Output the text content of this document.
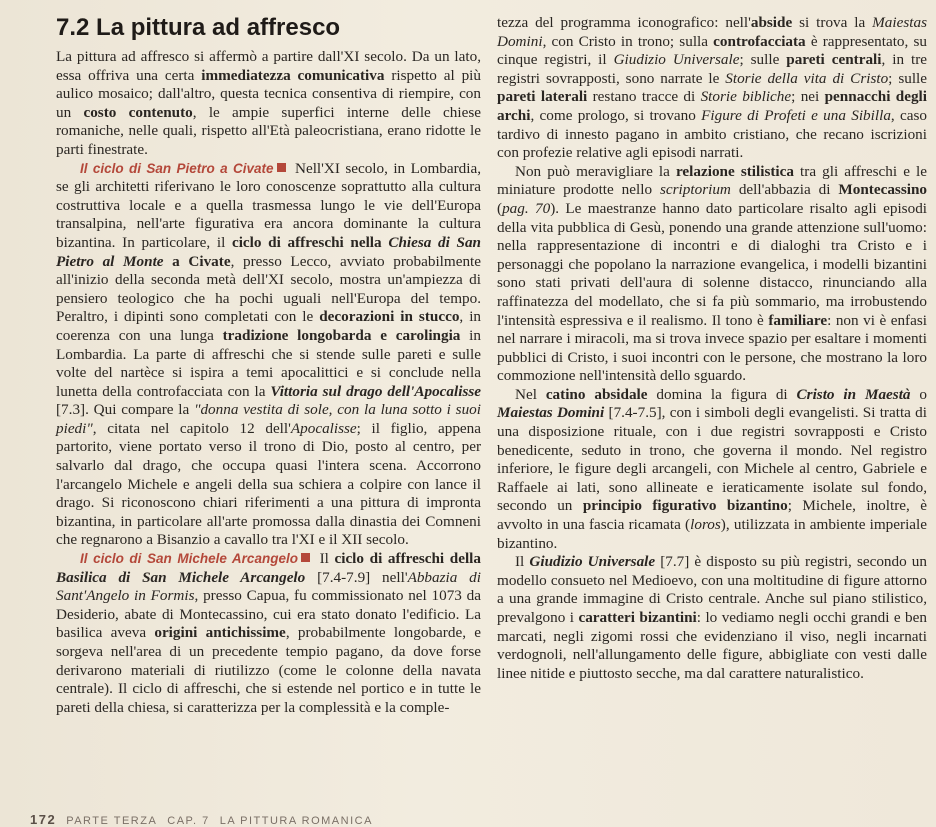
7.2 La pittura ad affresco

La pittura ad affresco si affermò a partire dall'XI secolo. Da un lato, essa offriva una certa immediatezza comunicativa rispetto al più aulico mosaico; dall'altro, questa tecnica consentiva di riempire, con un costo contenuto, le ampie superfici interne delle chiese romaniche, nelle quali, rispetto all'Età paleocristiana, erano ridotte le parti finestrate.

Il ciclo di San Pietro a Civate Nell'XI secolo, in Lombardia, se gli architetti riferivano le loro conoscenze soprattutto alla cultura costruttiva locale e a quella trasmessa lungo le vie dell'Europa transalpina, nell'arte figurativa era ancora dominante la cultura bizantina. In particolare, il ciclo di affreschi nella Chiesa di San Pietro al Monte a Civate, presso Lecco, avviato probabilmente all'inizio della seconda metà dell'XI secolo, mostra un'ampiezza di pensiero teologico che ha pochi uguali nell'Europa del tempo. Peraltro, i dipinti sono completati con le decorazioni in stucco, in coerenza con una lunga tradizione longobarda e carolingia in Lombardia. La parte di affreschi che si stende sulle pareti e sulle volte del nartèce si ispira a temi apocalittici e si conclude nella lunetta della controfacciata con la Vittoria sul drago dell'Apocalisse [7.3]. Qui compare la "donna vestita di sole, con la luna sotto i suoi piedi", citata nel capitolo 12 dell'Apocalisse; il figlio, appena partorito, viene portato verso il trono di Dio, posto al centro, per salvarlo dal drago, che occupa quasi l'intera scena. Accorrono l'arcangelo Michele e angeli della sua schiera a colpire con lance il drago. Si riconoscono chiari riferimenti a una pittura di impronta bizantina, in particolare all'arte promossa dalla dinastia dei Comneni che regnarono a Bisanzio a cavallo tra l'XI e il XII secolo.

Il ciclo di San Michele Arcangelo Il ciclo di affreschi della Basilica di San Michele Arcangelo [7.4-7.9] nell'Abbazia di Sant'Angelo in Formis, presso Capua, fu commissionato nel 1073 da Desiderio, abate di Montecassino, cui era stato donato l'edificio. La basilica aveva origini antichissime, probabilmente longobarde, e sorgeva nell'area di un precedente tempio pagano, da dove forse derivarono materiali di riutilizzo (come le colonne della navata centrale). Il ciclo di affreschi, che si estende nel portico e in tutte le pareti della chiesa, si caratterizza per la complessità e la comple-

tezza del programma iconografico: nell'abside si trova la Maiestas Domini, con Cristo in trono; sulla controfacciata è rappresentato, su cinque registri, il Giudizio Universale; sulle pareti centrali, in tre registri sovrapposti, sono narrate le Storie della vita di Cristo; sulle pareti laterali restano tracce di Storie bibliche; nei pennacchi degli archi, come prologo, si trovano Figure di Profeti e una Sibilla, caso tardivo di innesto pagano in ambito cristiano, che recano iscrizioni con profezie relative agli episodi narrati.

Non può meravigliare la relazione stilistica tra gli affreschi e le miniature prodotte nello scriptorium dell'abbazia di Montecassino (pag. 70). Le maestranze hanno dato particolare risalto agli episodi della vita pubblica di Gesù, ponendo una grande attenzione sull'uomo: nella rappresentazione di incontri e di dialoghi tra Cristo e i personaggi che popolano la narrazione evangelica, i modelli bizantini sono stati privati dell'aura di solenne distacco, rinunciando alla raffinatezza del modellato, che si fa più sommario, ma irrobustendo l'intensità espressiva e il realismo. Il tono è familiare: non vi è enfasi nel narrare i miracoli, ma si trova invece spazio per esaltare i momenti pubblici di Cristo, i suoi incontri con le persone, che mostrano la loro commozione nell'intensità dello sguardo.

Nel catino absidale domina la figura di Cristo in Maestà o Maiestas Domini [7.4-7.5], con i simboli degli evangelisti. Si tratta di una disposizione rituale, con i due registri sovrapposti e Cristo benedicente, seduto in trono, che governa il mondo. Nel registro inferiore, le figure degli arcangeli, con Michele al centro, Gabriele e Raffaele ai lati, sono allineate e ieraticamente isolate sul fondo, secondo un principio figurativo bizantino; Michele, inoltre, è avvolto in una fascia ricamata (loros), utilizzata in ambiente imperiale bizantino.

Il Giudizio Universale [7.7] è disposto su più registri, secondo un modello consueto nel Medioevo, con una moltitudine di figure attorno a una grande immagine di Cristo centrale. Anche sul piano stilistico, prevalgono i caratteri bizantini: lo vediamo negli occhi grandi e ben marcati, negli zigomi rossi che evidenziano il viso, negli incarnati verdognoli, nell'allungamento delle figure, abbigliate con vesti dalle linee nitide e piuttosto secche, ma dal carattere naturalistico.

172 PARTE TERZA CAP. 7 LA PITTURA ROMANICA
